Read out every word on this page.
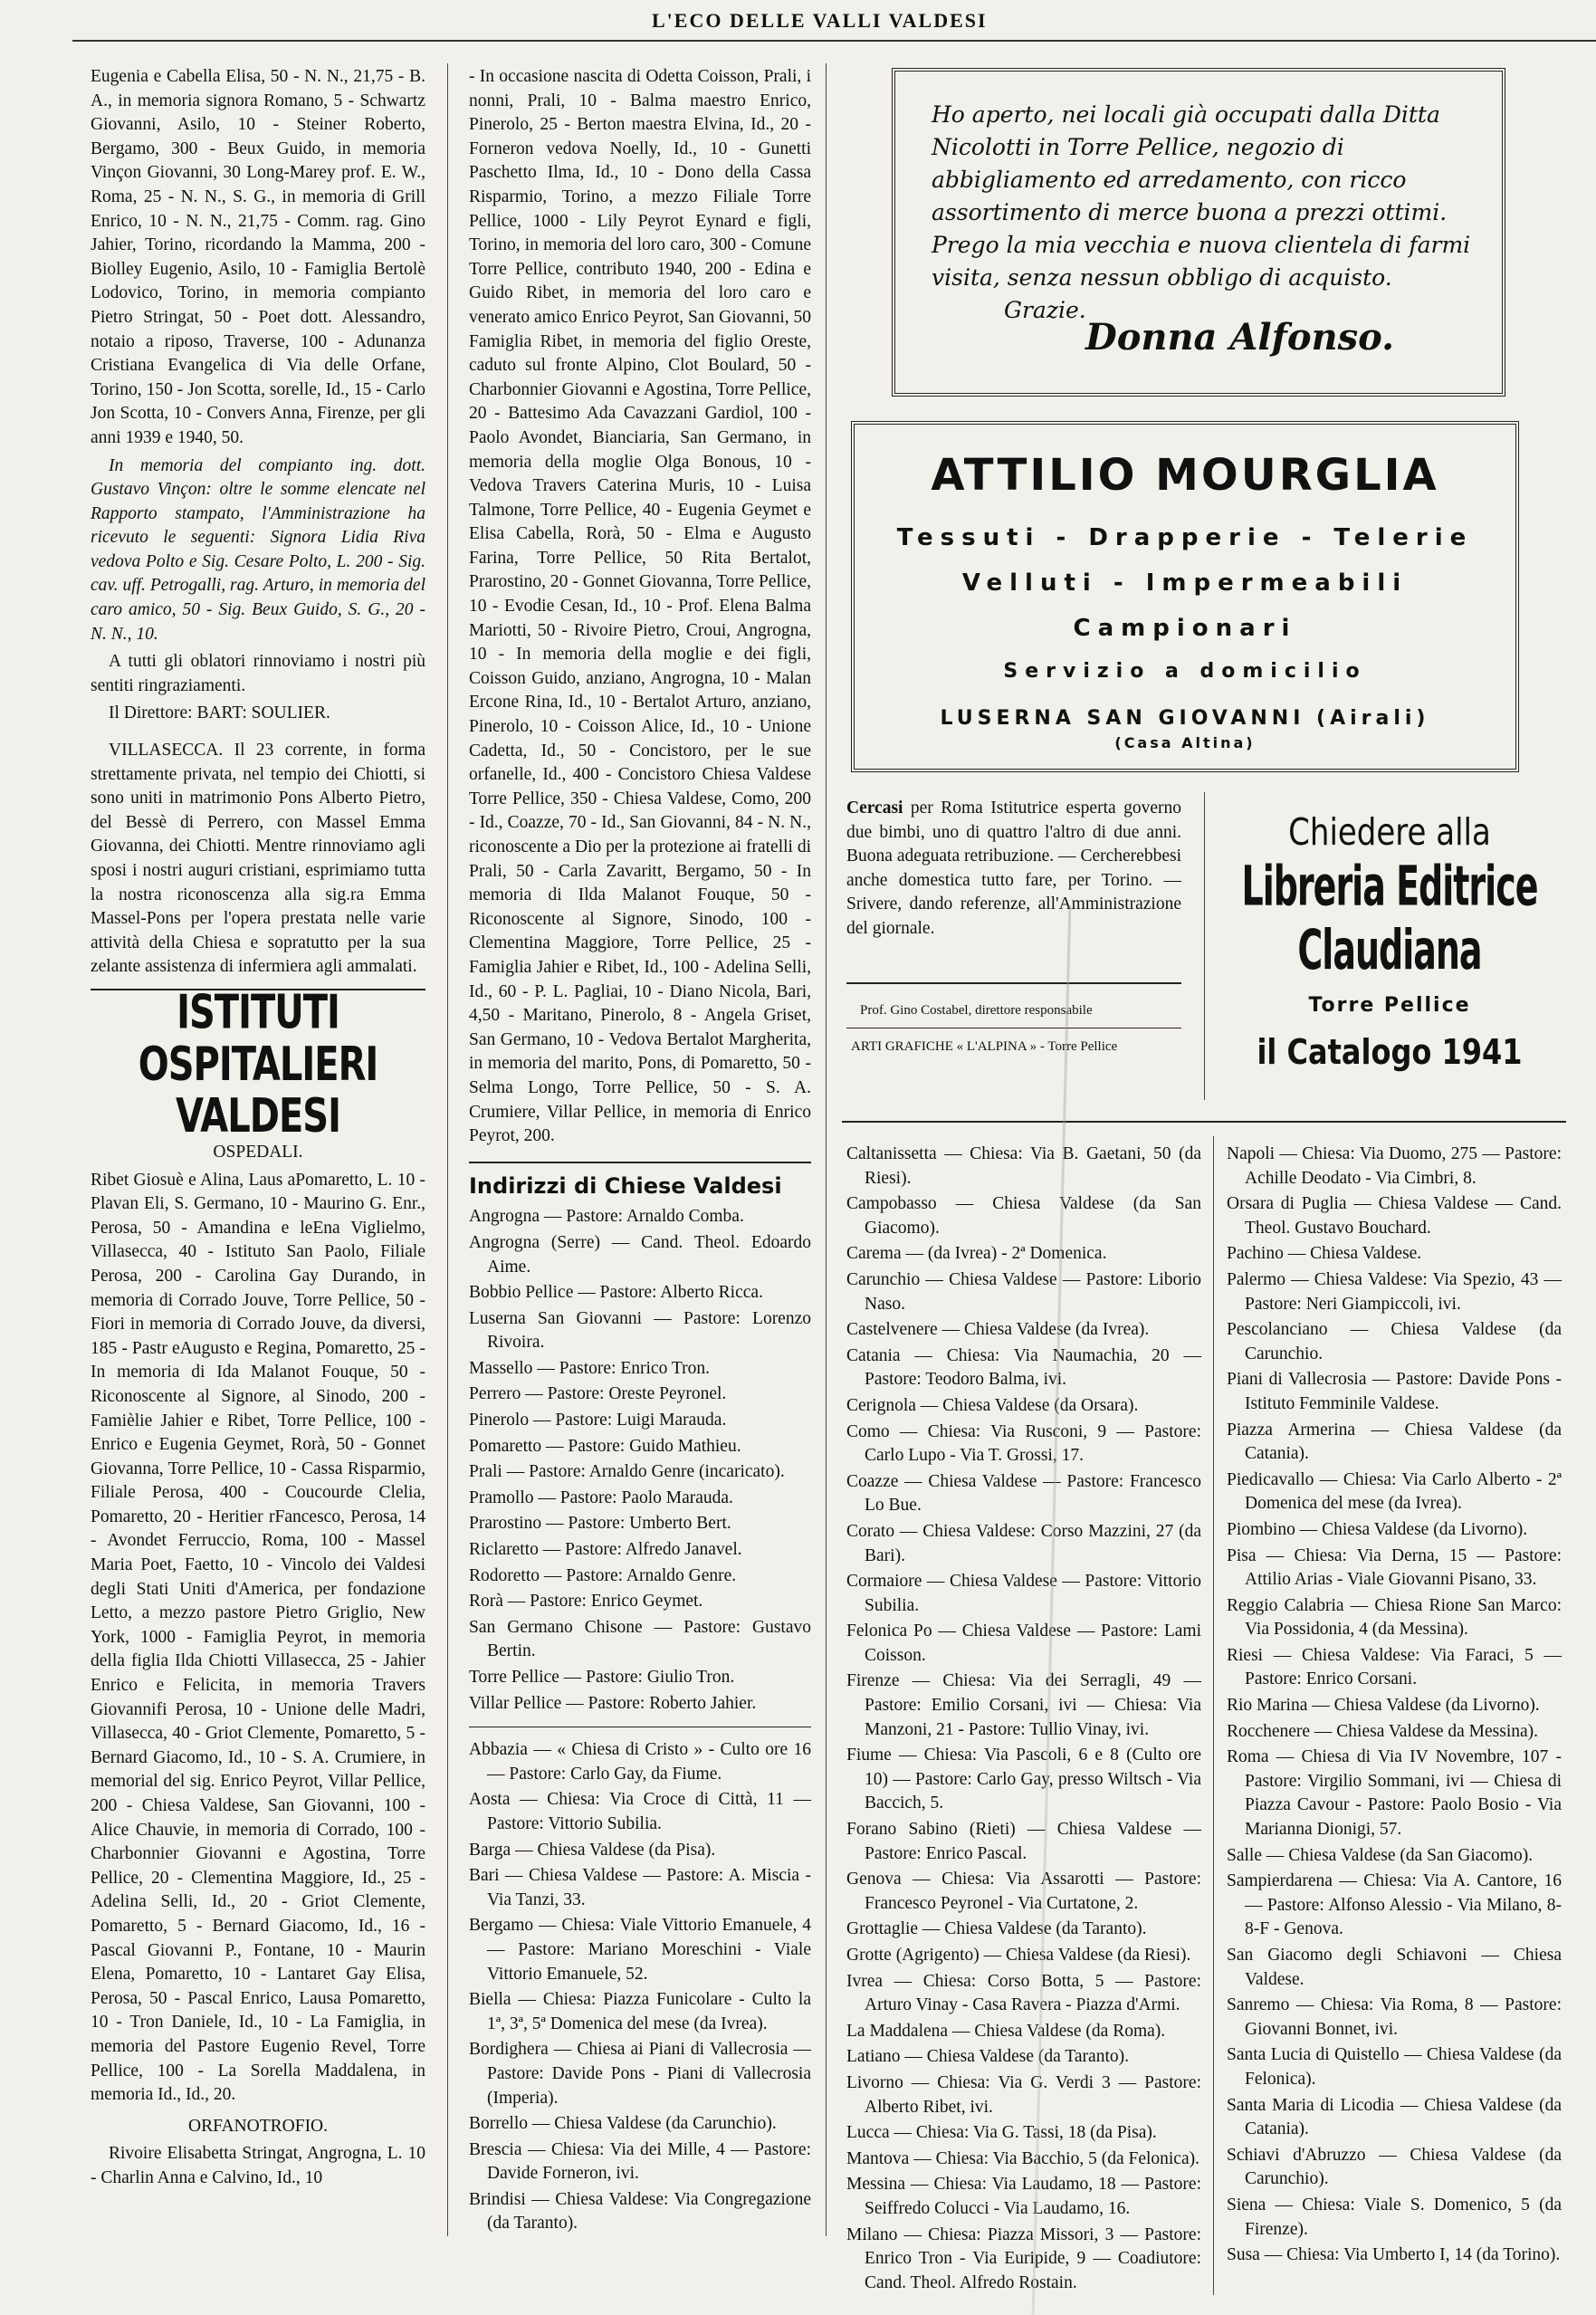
L'ECO DELLE VALLI VALDESI

Eugenia e Cabella Elisa, 50 - N. N., 21,75 - B. A., in memoria signora Romano, 5 - Schwartz Giovanni, Asilo, 10 - Steiner Roberto, Bergamo, 300 - Beux Guido, in memoria Vinçon Giovanni, 30 Long-Marey prof. E. W., Roma, 25 - N. N., S. G., in memoria di Grill Enrico, 10 - N. N., 21,75 - Comm. rag. Gino Jahier, Torino, ricordando la Mamma, 200 - Biolley Eugenio, Asilo, 10 - Famiglia Bertolè Lodovico, Torino, in memoria compianto Pietro Stringat, 50 - Poet dott. Alessandro, notaio a riposo, Traverse, 100 - Adunanza Cristiana Evangelica di Via delle Orfane, Torino, 150 - Jon Scotta, sorelle, Id., 15 - Carlo Jon Scotta, 10 - Convers Anna, Firenze, per gli anni 1939 e 1940, 50.

In memoria del compianto ing. dott. Gustavo Vinçon: oltre le somme elencate nel Rapporto stampato, l'Amministrazione ha ricevuto le seguenti: Signora Lidia Riva vedova Polto e Sig. Cesare Polto, L. 200 - Sig. cav. uff. Petrogalli, rag. Arturo, in memoria del caro amico, 50 - Sig. Beux Guido, S. G., 20 - N. N., 10.

A tutti gli oblatori rinnoviamo i nostri più sentiti ringraziamenti.

Il Direttore: BART: SOULIER.

VILLASECCA. Il 23 corrente, in forma strettamente privata, nel tempio dei Chiotti, si sono uniti in matrimonio Pons Alberto Pietro, del Bessè di Perrero, con Massel Emma Giovanna, dei Chiotti. Mentre rinnoviamo agli sposi i nostri auguri cristiani, esprimiamo tutta la nostra riconoscenza alla sig.ra Emma Massel-Pons per l'opera prestata nelle varie attività della Chiesa e sopratutto per la sua zelante assistenza di infermiera agli ammalati.

ISTITUTI OSPITALIERI VALDESI
OSPEDALI.

Ribet Giosuè e Alina, Laus aPomaretto, L. 10 - Plavan Eli, S. Germano, 10 - Maurino G. Enr., Perosa, 50 - Amandina e leEna Viglielmo, Villasecca, 40 - Istituto San Paolo, Filiale Perosa, 200 - Carolina Gay Durando, in memoria di Corrado Jouve, Torre Pellice, 50 - Fiori in memoria di Corrado Jouve, da diversi, 185 - Pastr eAugusto e Regina, Pomaretto, 25 - In memoria di Ida Malanot Fouque, 50 - Riconoscente al Signore, al Sinodo, 200 - Famièlie Jahier e Ribet, Torre Pellice, 100 - Enrico e Eugenia Geymet, Rorà, 50 - Gonnet Giovanna, Torre Pellice, 10 - Cassa Risparmio, Filiale Perosa, 400 - Coucourde Clelia, Pomaretto, 20 - Heritier rFancesco, Perosa, 14 - Avondet Ferruccio, Roma, 100 - Massel Maria Poet, Faetto, 10 - Vincolo dei Valdesi degli Stati Uniti d'America, per fondazione Letto, a mezzo pastore Pietro Griglio, New York, 1000 - Famiglia Peyrot, in memoria della figlia Ilda Chiotti Villasecca, 25 - Jahier Enrico e Felicita, in memoria Travers Giovannifi Perosa, 10 - Unione delle Madri, Villasecca, 40 - Griot Clemente, Pomaretto, 5 - Bernard Giacomo, Id., 10 - S. A. Crumiere, in memorial del sig. Enrico Peyrot, Villar Pellice, 200 - Chiesa Valdese, San Giovanni, 100 - Alice Chauvie, in memoria di Corrado, 100 - Charbonnier Giovanni e Agostina, Torre Pellice, 20 - Clementina Maggiore, Id., 25 - Adelina Selli, Id., 20 - Griot Clemente, Pomaretto, 5 - Bernard Giacomo, Id., 16 - Pascal Giovanni P., Fontane, 10 - Maurin Elena, Pomaretto, 10 - Lantaret Gay Elisa, Perosa, 50 - Pascal Enrico, Lausa Pomaretto, 10 - Tron Daniele, Id., 10 - La Famiglia, in memoria del Pastore Eugenio Revel, Torre Pellice, 100 - La Sorella Maddalena, in memoria Id., Id., 20.

ORFANOTROFIO.

Rivoire Elisabetta Stringat, Angrogna, L. 10 - Charlin Anna e Calvino, Id., 10

- In occasione nascita di Odetta Coisson, Prali, i nonni, Prali, 10 - Balma maestro Enrico, Pinerolo, 25 - Berton maestra Elvina, Id., 20 - Forneron vedova Noelly, Id., 10 - Gunetti Paschetto Ilma, Id., 10 - Dono della Cassa Risparmio, Torino, a mezzo Filiale Torre Pellice, 1000 - Lily Peyrot Eynard e figli, Torino, in memoria del loro caro, 300 - Comune Torre Pellice, contributo 1940, 200 - Edina e Guido Ribet, in memoria del loro caro e venerato amico Enrico Peyrot, San Giovanni, 50 Famiglia Ribet, in memoria del figlio Oreste, caduto sul fronte Alpino, Clot Boulard, 50 - Charbonnier Giovanni e Agostina, Torre Pellice, 20 - Battesimo Ada Cavazzani Gardiol, 100 - Paolo Avondet, Bianciaria, San Germano, in memoria della moglie Olga Bonous, 10 - Vedova Travers Caterina Muris, 10 - Luisa Talmone, Torre Pellice, 40 - Eugenia Geymet e Elisa Cabella, Rorà, 50 - Elma e Augusto Farina, Torre Pellice, 50 Rita Bertalot, Prarostino, 20 - Gonnet Giovanna, Torre Pellice, 10 - Evodie Cesan, Id., 10 - Prof. Elena Balma Mariotti, 50 - Rivoire Pietro, Croui, Angrogna, 10 - In memoria della moglie e dei figli, Coisson Guido, anziano, Angrogna, 10 - Malan Ercone Rina, Id., 10 - Bertalot Arturo, anziano, Pinerolo, 10 - Coisson Alice, Id., 10 - Unione Cadetta, Id., 50 - Concistoro, per le sue orfanelle, Id., 400 - Concistoro Chiesa Valdese Torre Pellice, 350 - Chiesa Valdese, Como, 200 - Id., Coazze, 70 - Id., San Giovanni, 84 - N. N., riconoscente a Dio per la protezione ai fratelli di Prali, 50 - Carla Zavaritt, Bergamo, 50 - In memoria di Ilda Malanot Fouque, 50 - Riconoscente al Signore, Sinodo, 100 - Clementina Maggiore, Torre Pellice, 25 - Famiglia Jahier e Ribet, Id., 100 - Adelina Selli, Id., 60 - P. L. Pagliai, 10 - Diano Nicola, Bari, 4,50 - Maritano, Pinerolo, 8 - Angela Griset, San Germano, 10 - Vedova Bertalot Margherita, in memoria del marito, Pons, di Pomaretto, 50 - Selma Longo, Torre Pellice, 50 - S. A. Crumiere, Villar Pellice, in memoria di Enrico Peyrot, 200.

Indirizzi di Chiese Valdesi

Angrogna — Pastore: Arnaldo Comba.

Angrogna (Serre) — Cand. Theol. Edoardo Aime.

Bobbio Pellice — Pastore: Alberto Ricca.

Luserna San Giovanni — Pastore: Lorenzo Rivoira.

Massello — Pastore: Enrico Tron.

Perrero — Pastore: Oreste Peyronel.

Pinerolo — Pastore: Luigi Marauda.

Pomaretto — Pastore: Guido Mathieu.

Prali — Pastore: Arnaldo Genre (incaricato).

Pramollo — Pastore: Paolo Marauda.

Prarostino — Pastore: Umberto Bert.

Riclaretto — Pastore: Alfredo Janavel.

Rodoretto — Pastore: Arnaldo Genre.

Rorà — Pastore: Enrico Geymet.

San Germano Chisone — Pastore: Gustavo Bertin.

Torre Pellice — Pastore: Giulio Tron.

Villar Pellice — Pastore: Roberto Jahier.

Abbazia — « Chiesa di Cristo » - Culto ore 16 — Pastore: Carlo Gay, da Fiume.

Aosta — Chiesa: Via Croce di Città, 11 — Pastore: Vittorio Subilia.

Barga — Chiesa Valdese (da Pisa).

Bari — Chiesa Valdese — Pastore: A. Miscia - Via Tanzi, 33.

Bergamo — Chiesa: Viale Vittorio Emanuele, 4 — Pastore: Mariano Moreschini - Viale Vittorio Emanuele, 52.

Biella — Chiesa: Piazza Funicolare - Culto la 1ª, 3ª, 5ª Domenica del mese (da Ivrea).

Bordighera — Chiesa ai Piani di Vallecrosia — Pastore: Davide Pons - Piani di Vallecrosia (Imperia).

Borrello — Chiesa Valdese (da Carunchio).

Brescia — Chiesa: Via dei Mille, 4 — Pastore: Davide Forneron, ivi.

Brindisi — Chiesa Valdese: Via Congregazione (da Taranto).

Ho aperto, nei locali già occupati dalla Ditta Nicolotti in Torre Pellice, negozio di abbigliamento ed arredamento, con ricco assortimento di merce buona a prezzi ottimi.
Prego la mia vecchia e nuova clientela di farmi visita, senza nessun obbligo di acquisto.
Grazie.
Donna Alfonso.
ATTILIO MOURGLIA
Tessuti - Drapperie - Telerie
Velluti - Impermeabili
Campionari
Servizio a domicilio
LUSERNA SAN GIOVANNI (Airali)
(Casa Altina)

Cercasi per Roma Istitutrice esperta governo due bimbi, uno di quattro l'altro di due anni. Buona adeguata retribuzione. — Cercherebbesi anche domestica tutto fare, per Torino. — Srivere, dando referenze, all'Amministrazione del giornale.

Chiedere alla
Libreria Editrice Claudiana
Torre Pellice
il Catalogo 1941
Prof. Gino Costabel, direttore responsabile
ARTI GRAFICHE « L'ALPINA » - Torre Pellice

Caltanissetta — Chiesa: Via B. Gaetani, 50 (da Riesi).

Campobasso — Chiesa Valdese (da San Giacomo).

Carema — (da Ivrea) - 2ª Domenica.

Carunchio — Chiesa Valdese — Pastore: Liborio Naso.

Castelvenere — Chiesa Valdese (da Ivrea).

Catania — Chiesa: Via Naumachia, 20 — Pastore: Teodoro Balma, ivi.

Cerignola — Chiesa Valdese (da Orsara).

Como — Chiesa: Via Rusconi, 9 — Pastore: Carlo Lupo - Via T. Grossi, 17.

Coazze — Chiesa Valdese — Pastore: Francesco Lo Bue.

Corato — Chiesa Valdese: Corso Mazzini, 27 (da Bari).

Cormaiore — Chiesa Valdese — Pastore: Vittorio Subilia.

Felonica Po — Chiesa Valdese — Pastore: Lami Coisson.

Firenze — Chiesa: Via dei Serragli, 49 — Pastore: Emilio Corsani, ivi — Chiesa: Via Manzoni, 21 - Pastore: Tullio Vinay, ivi.

Fiume — Chiesa: Via Pascoli, 6 e 8 (Culto ore 10) — Pastore: Carlo Gay, presso Wiltsch - Via Baccich, 5.

Forano Sabino (Rieti) — Chiesa Valdese — Pastore: Enrico Pascal.

Genova — Chiesa: Via Assarotti — Pastore: Francesco Peyronel - Via Curtatone, 2.

Grottaglie — Chiesa Valdese (da Taranto).

Grotte (Agrigento) — Chiesa Valdese (da Riesi).

Ivrea — Chiesa: Corso Botta, 5 — Pastore: Arturo Vinay - Casa Ravera - Piazza d'Armi.

La Maddalena — Chiesa Valdese (da Roma).

Latiano — Chiesa Valdese (da Taranto).

Livorno — Chiesa: Via G. Verdi 3 — Pastore: Alberto Ribet, ivi.

Lucca — Chiesa: Via G. Tassi, 18 (da Pisa).

Mantova — Chiesa: Via Bacchio, 5 (da Felonica).

Messina — Chiesa: Via Laudamo, 18 — Pastore: Seiffredo Colucci - Via Laudamo, 16.

Milano — Chiesa: Piazza Missori, 3 — Pastore: Enrico Tron - Via Euripide, 9 — Coadiutore: Cand. Theol. Alfredo Rostain.

Napoli — Chiesa: Via Duomo, 275 — Pastore: Achille Deodato - Via Cimbri, 8.

Orsara di Puglia — Chiesa Valdese — Cand. Theol. Gustavo Bouchard.

Pachino — Chiesa Valdese.

Palermo — Chiesa Valdese: Via Spezio, 43 — Pastore: Neri Giampiccoli, ivi.

Pescolanciano — Chiesa Valdese (da Carunchio.

Piani di Vallecrosia — Pastore: Davide Pons - Istituto Femminile Valdese.

Piazza Armerina — Chiesa Valdese (da Catania).

Piedicavallo — Chiesa: Via Carlo Alberto - 2ª Domenica del mese (da Ivrea).

Piombino — Chiesa Valdese (da Livorno).

Pisa — Chiesa: Via Derna, 15 — Pastore: Attilio Arias - Viale Giovanni Pisano, 33.

Reggio Calabria — Chiesa Rione San Marco: Via Possidonia, 4 (da Messina).

Riesi — Chiesa Valdese: Via Faraci, 5 — Pastore: Enrico Corsani.

Rio Marina — Chiesa Valdese (da Livorno).

Rocchenere — Chiesa Valdese da Messina).

Roma — Chiesa di Via IV Novembre, 107 - Pastore: Virgilio Sommani, ivi — Chiesa di Piazza Cavour - Pastore: Paolo Bosio - Via Marianna Dionigi, 57.

Salle — Chiesa Valdese (da San Giacomo).

Sampierdarena — Chiesa: Via A. Cantore, 16 — Pastore: Alfonso Alessio - Via Milano, 8-8-F - Genova.

San Giacomo degli Schiavoni — Chiesa Valdese.

Sanremo — Chiesa: Via Roma, 8 — Pastore: Giovanni Bonnet, ivi.

Santa Lucia di Quistello — Chiesa Valdese (da Felonica).

Santa Maria di Licodia — Chiesa Valdese (da Catania).

Schiavi d'Abruzzo — Chiesa Valdese (da Carunchio).

Siena — Chiesa: Viale S. Domenico, 5 (da Firenze).

Susa — Chiesa: Via Umberto I, 14 (da Torino).
